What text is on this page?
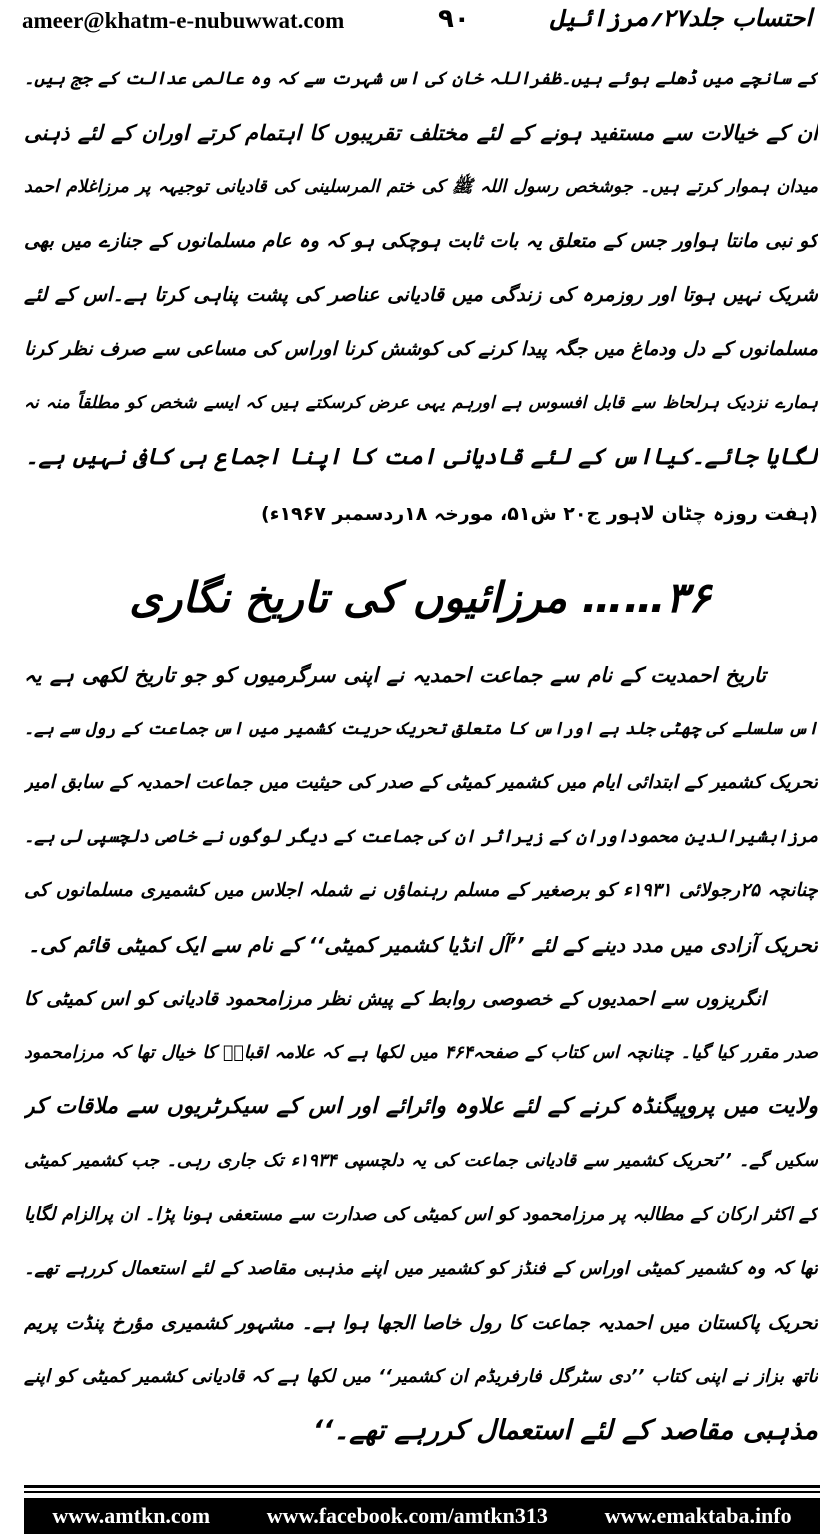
ameer@khatm-e-nubuwwat.com	۹۰	احتساب جلد۲۷؍مرزائیل
کے سانچے میں ڈھلے ہوئے ہیں۔ظفراللہ خان کی اس شہرت سے کہ وہ عالمی عدالت کے جج ہیں۔
ان کے خیالات سے مستفید ہونے کے لئے مختلف تقریبوں کا اہتمام کرتے اوران کے لئے ذہنی
میدان ہموار کرتے ہیں۔ جوشخص رسول اللہ ﷺ کی ختم المرسلینی کی قادیانی توجیہہ پر مرزاغلام احمد
کو نبی مانتا ہواور جس کے متعلق یہ بات ثابت ہوچکی ہو کہ وہ عام مسلمانوں کے جنازے میں بھی
شریک نہیں ہوتا اور روزمرہ کی زندگی میں قادیانی عناصر کی پشت پناہی کرتا ہے۔اس کے لئے
مسلمانوں کے دل ودماغ میں جگہ پیدا کرنے کی کوشش کرنا اوراس کی مساعی سے صرف نظر کرنا
ہمارے نزدیک ہرلحاظ سے قابل افسوس ہے اورہم یہی عرض کرسکتے ہیں کہ ایسے شخص کو مطلقاً منہ نہ
لگایا جائے۔کیااس کے لئے قادیانی امت کا اپنا اجماع ہی کافی نہیں ہے۔
(ہفت روزہ چٹان لاہور ج۲۰ ش۵۱، مورخہ ۱۸ردسمبر ۱۹۶۷ء)
۳۶…… مرزائیوں کی تاریخ نگاری
تاریخ احمدیت کے نام سے جماعت احمدیہ نے اپنی سرگرمیوں کو جو تاریخ لکھی ہے یہ
اس سلسلے کی چھٹی جلد ہے اوراس کا متعلق تحریک حریت کشمیر میں اس جماعت کے رول سے ہے۔
تحریک کشمیر کے ابتدائی ایام میں کشمیر کمیٹی کے صدر کی حیثیت میں جماعت احمدیہ کے سابق امیر
مرزابشیرالدین محموداوران کے زیراثر ان کی جماعت کے دیگر لوگوں نے خاصی دلچسپی لی ہے۔
چنانچہ ۲۵رجولائی ۱۹۳۱ء کو برصغیر کے مسلم رہنماؤں نے شملہ اجلاس میں کشمیری مسلمانوں کی
تحریک آزادی میں مدد دینے کے لئے ’’آل انڈیا کشمیر کمیٹی‘‘ کے نام سے ایک کمیٹی قائم کی۔
انگریزوں سے احمدیوں کے خصوصی روابط کے پیش نظر مرزامحمود قادیانی کو اس کمیٹی کا
صدر مقرر کیا گیا۔ چنانچہ اس کتاب کے صفحہ۴۶۴ میں لکھا ہے کہ علامہ اقبالؒ کا خیال تھا کہ مرزامحمود
ولایت میں پروپیگنڈہ کرنے کے لئے علاوہ وائرائے اور اس کے سیکرٹریوں سے ملاقات کر
سکیں گے۔ ’’تحریک کشمیر سے قادیانی جماعت کی یہ دلچسپی ۱۹۳۴ء تک جاری رہی۔ جب کشمیر کمیٹی
کے اکثر ارکان کے مطالبہ پر مرزامحمود کو اس کمیٹی کی صدارت سے مستعفی ہونا پڑا۔ ان پرالزام لگایا
تھا کہ وہ کشمیر کمیٹی اوراس کے فنڈز کو کشمیر میں اپنے مذہبی مقاصد کے لئے استعمال کررہے تھے۔
تحریک پاکستان میں احمدیہ جماعت کا رول خاصا الجھا ہوا ہے۔ مشہور کشمیری مؤرخ پنڈت پریم
ناتھ بزاز نے اپنی کتاب ’’دی سٹرگل فارفریڈم ان کشمیر‘‘ میں لکھا ہے کہ قادیانی کشمیر کمیٹی کو اپنے
مذہبی مقاصد کے لئے استعمال کررہے تھے۔‘‘
www.amtkn.com	www.facebook.com/amtkn313	www.emaktaba.info
